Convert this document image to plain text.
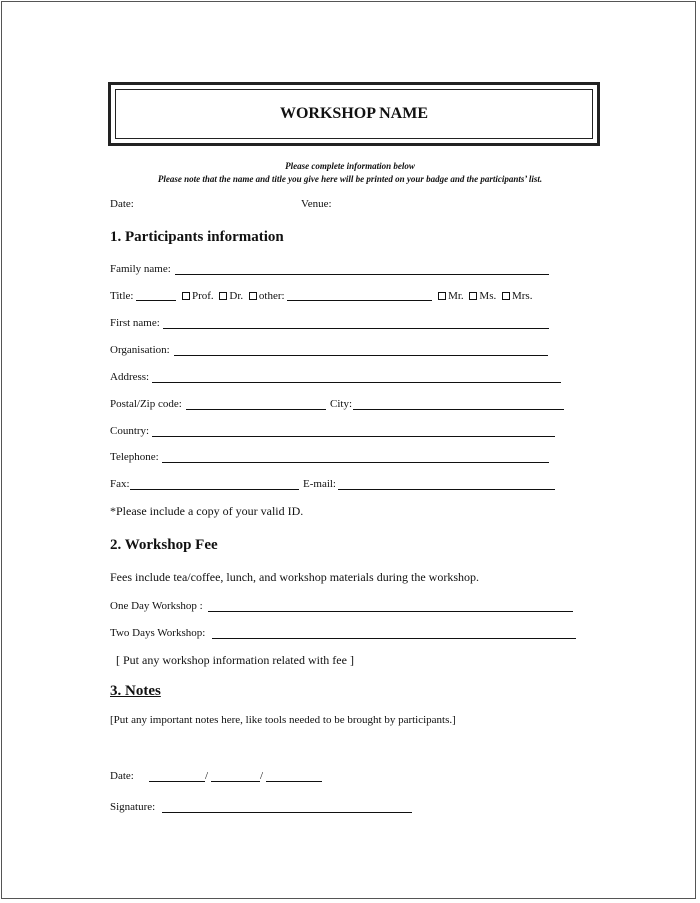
WORKSHOP NAME
Please complete information below
Please note that the name and title you give here will be printed on your badge and the participants’ list.
Date:	Venue:
1. Participants information
Family name:
Title:	Prof. Dr. other:	Mr. Ms. Mrs.
First name:
Organisation:
Address:
Postal/Zip code:	City:
Country:
Telephone:
Fax:	E-mail:
*Please include a copy of your valid ID.
2. Workshop Fee
Fees include tea/coffee, lunch, and workshop materials during the workshop.
One Day Workshop :
Two Days Workshop:
[ Put any workshop information related with fee ]
3. Notes
[Put any important notes here, like tools needed to be brought by participants.]
Date:	/	/
Signature:
